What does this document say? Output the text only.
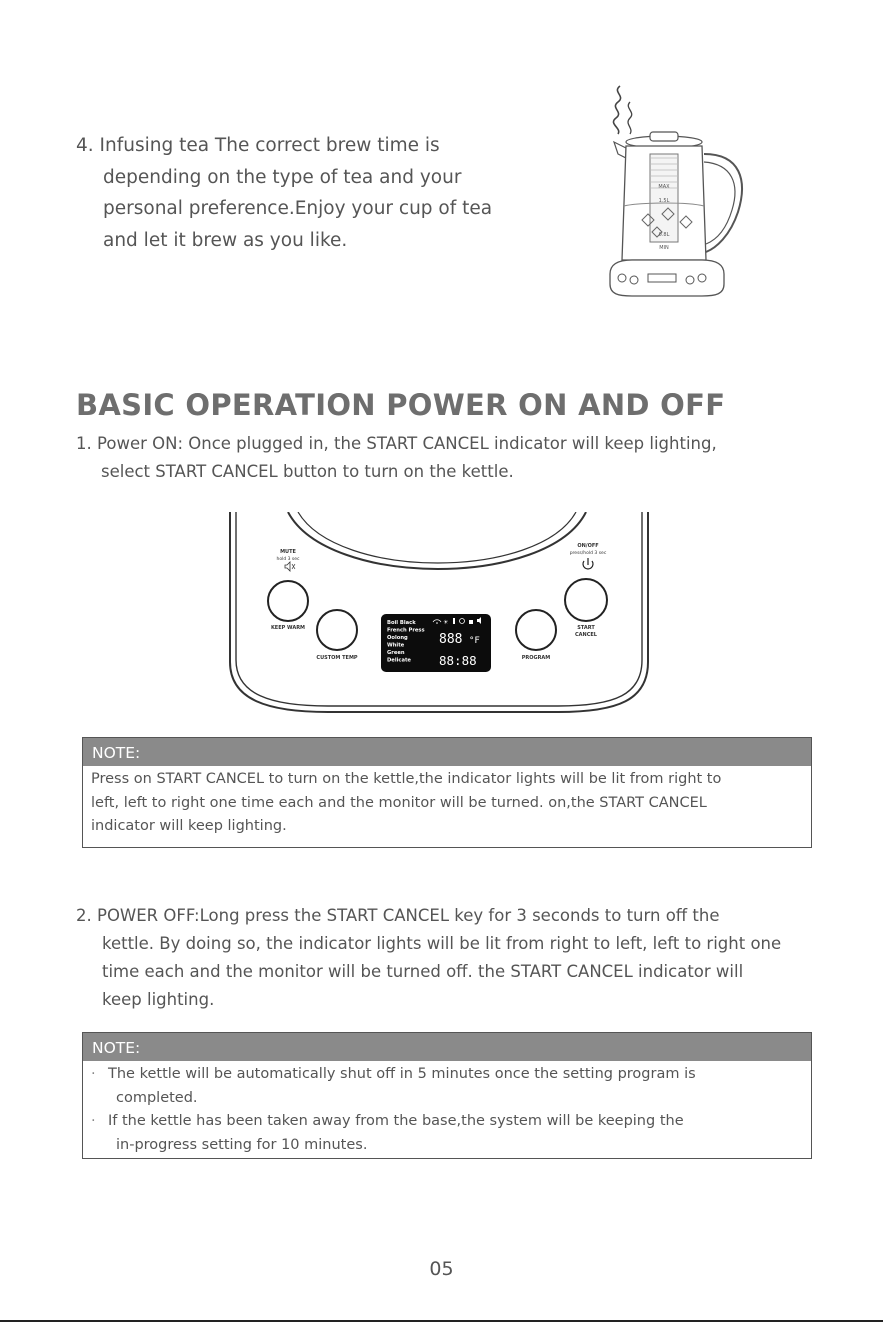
4. Infusing tea The correct brew time is
depending on the type of tea and your
personal preference.Enjoy your cup of tea
and let it brew as you like.
MAX
1.5L
0.8L
MIN
BASIC OPERATION POWER ON AND OFF
1. Power ON: Once plugged in, the START CANCEL indicator will keep lighting,
select START CANCEL button to turn on the kettle.
MUTE
hold 3 sec
KEEP WARM
CUSTOM TEMP
Boil Black
French Press
Oolong
White
Green
Delicate
☀
888 °F
88:88	PROGRAM
ON/OFF
press/hold 3 sec
START
CANCEL
NOTE:
Press on START CANCEL to turn on the kettle,the indicator lights will be lit from right to
left, left to right one time each and the monitor will be turned. on,the START CANCEL
indicator will keep lighting.
2. POWER OFF:Long press the START CANCEL key for 3 seconds to turn off the
kettle. By doing so, the indicator lights will be lit from right to left, left to right one
time each and the monitor will be turned off. the START CANCEL indicator will
keep lighting.
NOTE:
· The kettle will be automatically shut off in 5 minutes once the setting program is
completed.
· If the kettle has been taken away from the base,the system will be keeping the
in-progress setting for 10 minutes.
05
